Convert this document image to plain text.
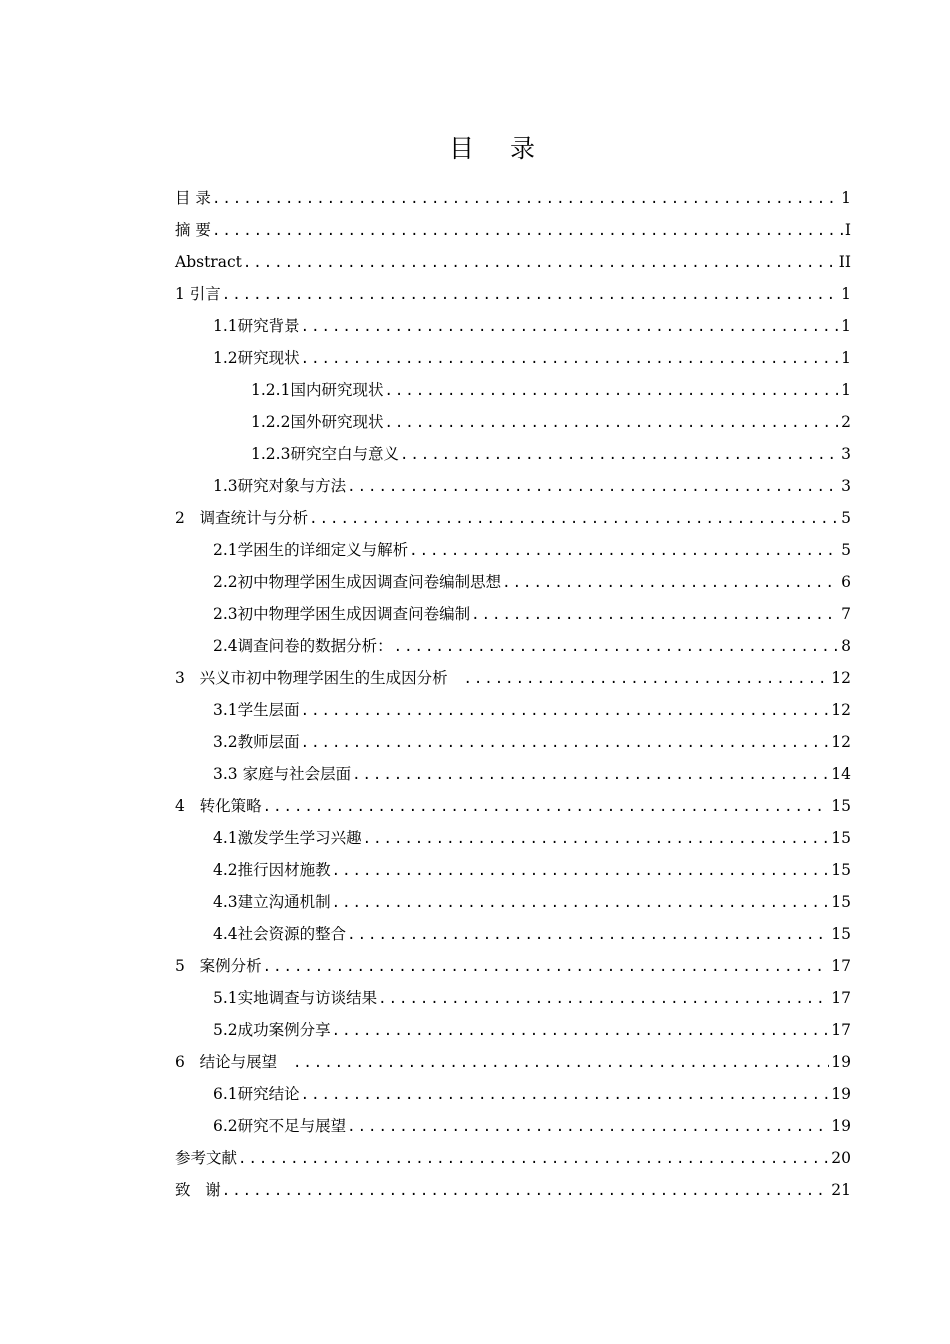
目 录
目 录 .....	1
摘 要 .....	I
Abstract .....	II
1 引言 .....	1
1.1研究背景 .....	1
1.2研究现状 .....	1
1.2.1国内研究现状 .....	1
1.2.2国外研究现状 .....	2
1.2.3研究空白与意义 .....	3
1.3研究对象与方法 .....	3
2   调查统计与分析 .....	5
2.1学困生的详细定义与解析 .....	5
2.2初中物理学困生成因调查问卷编制思想 .....	6
2.3初中物理学困生成因调查问卷编制 .....	7
2.4调查问卷的数据分析： .....	8
3   兴义市初中物理学困生的生成因分析 .....	12
3.1学生层面 .....	12
3.2教师层面 .....	12
3.3 家庭与社会层面 .....	14
4   转化策略 .....	15
4.1激发学生学习兴趣 .....	15
4.2推行因材施教 .....	15
4.3建立沟通机制 .....	15
4.4社会资源的整合 .....	15
5   案例分析 .....	17
5.1实地调查与访谈结果 .....	17
5.2成功案例分享 .....	17
6   结论与展望 .....	19
6.1研究结论 .....	19
6.2研究不足与展望 .....	19
参考文献 .....	20
致   谢 .....	21
